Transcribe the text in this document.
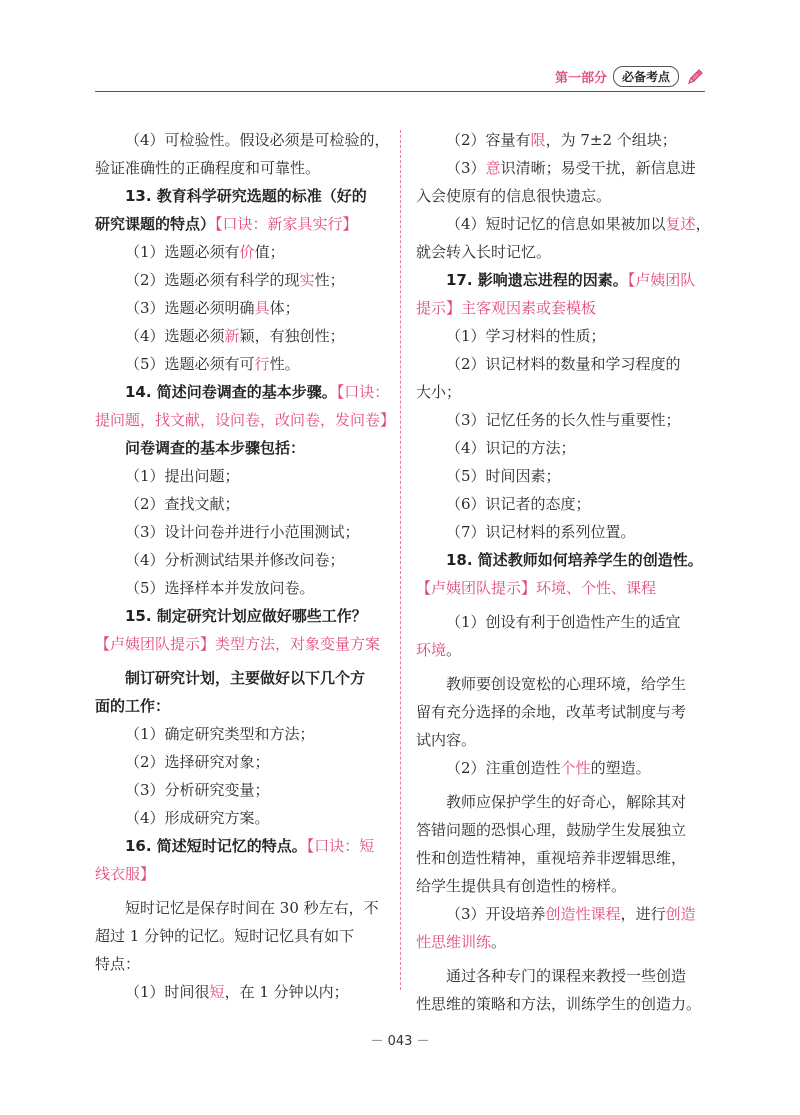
第一部分	必备考点
（4）可检验性。假设必须是可检验的，
验证准确性的正确程度和可靠性。
13. 教育科学研究选题的标准（好的
研究课题的特点）【口诀：新家具实行】
（1）选题必须有价值；
（2）选题必须有科学的现实性；
（3）选题必须明确具体；
（4）选题必须新颖，有独创性；
（5）选题必须有可行性。
14. 简述问卷调查的基本步骤。【口诀：
提问题，找文献，设问卷，改问卷，发问卷】
问卷调查的基本步骤包括：
（1）提出问题；
（2）查找文献；
（3）设计问卷并进行小范围测试；
（4）分析测试结果并修改问卷；
（5）选择样本并发放问卷。
15. 制定研究计划应做好哪些工作？
【卢姨团队提示】类型方法，对象变量方案
制订研究计划，主要做好以下几个方
面的工作：
（1）确定研究类型和方法；
（2）选择研究对象；
（3）分析研究变量；
（4）形成研究方案。
16. 简述短时记忆的特点。【口诀：短
线衣服】
短时记忆是保存时间在 30 秒左右，不
超过 1 分钟的记忆。短时记忆具有如下
特点：
（1）时间很短，在 1 分钟以内；
（2）容量有限，为 7±2 个组块；
（3）意识清晰；易受干扰，新信息进
入会使原有的信息很快遗忘。
（4）短时记忆的信息如果被加以复述，
就会转入长时记忆。
17. 影响遗忘进程的因素。【卢姨团队
提示】主客观因素或套模板
（1）学习材料的性质；
（2）识记材料的数量和学习程度的
大小；
（3）记忆任务的长久性与重要性；
（4）识记的方法；
（5）时间因素；
（6）识记者的态度；
（7）识记材料的系列位置。
18. 简述教师如何培养学生的创造性。
【卢姨团队提示】环境、个性、课程
（1）创设有利于创造性产生的适宜
环境。
教师要创设宽松的心理环境，给学生
留有充分选择的余地，改革考试制度与考
试内容。
（2）注重创造性个性的塑造。
教师应保护学生的好奇心，解除其对
答错问题的恐惧心理，鼓励学生发展独立
性和创造性精神，重视培养非逻辑思维，
给学生提供具有创造性的榜样。
（3）开设培养创造性课程，进行创造
性思维训练。
通过各种专门的课程来教授一些创造
性思维的策略和方法，训练学生的创造力。
－ 043 －
